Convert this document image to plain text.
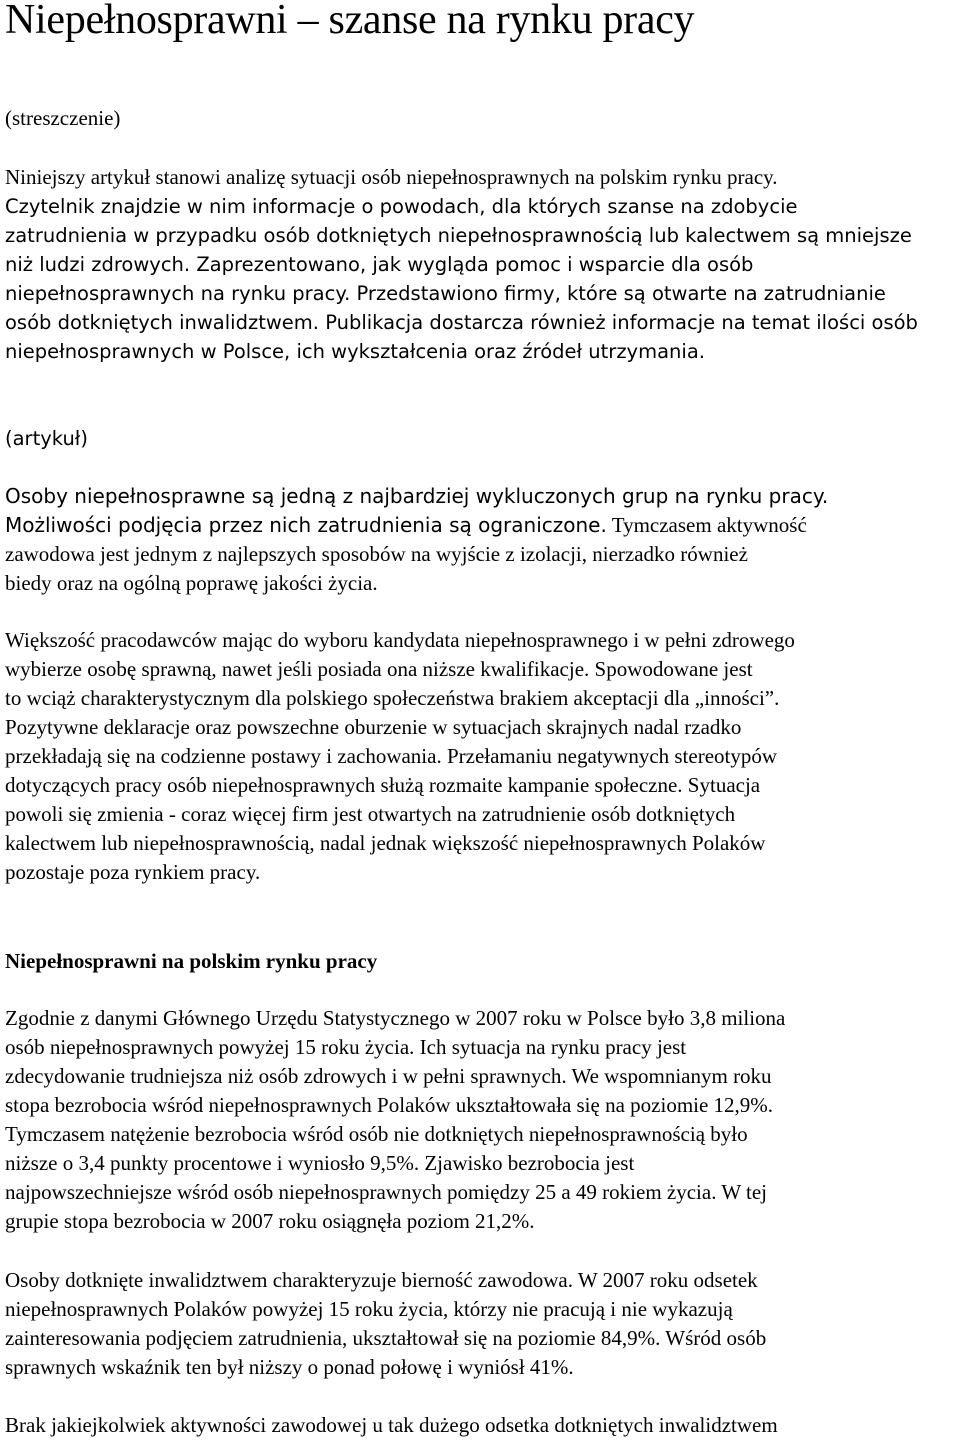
Niepełnosprawni – szanse na rynku pracy
(streszczenie)
Niniejszy artykuł stanowi analizę sytuacji osób niepełnosprawnych na polskim rynku pracy.
Czytelnik znajdzie w nim informacje o powodach, dla których szanse na zdobycie
zatrudnienia w przypadku osób dotkniętych niepełnosprawnością lub kalectwem są mniejsze
niż ludzi zdrowych. Zaprezentowano, jak wygląda pomoc i wsparcie dla osób
niepełnosprawnych na rynku pracy. Przedstawiono firmy, które są otwarte na zatrudnianie
osób dotkniętych inwalidztwem. Publikacja dostarcza również informacje na temat ilości osób
niepełnosprawnych w Polsce, ich wykształcenia oraz źródeł utrzymania.
(artykuł)
Osoby niepełnosprawne są jedną z najbardziej wykluczonych grup na rynku pracy.
Możliwości podjęcia przez nich zatrudnienia są ograniczone. Tymczasem aktywność
zawodowa jest jednym z najlepszych sposobów na wyjście z izolacji, nierzadko również
biedy oraz na ogólną poprawę jakości życia.
Większość pracodawców mając do wyboru kandydata niepełnosprawnego i w pełni zdrowego
wybierze osobę sprawną, nawet jeśli posiada ona niższe kwalifikacje. Spowodowane jest
to wciąż charakterystycznym dla polskiego społeczeństwa brakiem akceptacji dla „inności”.
Pozytywne deklaracje oraz powszechne oburzenie w sytuacjach skrajnych nadal rzadko
przekładają się na codzienne postawy i zachowania. Przełamaniu negatywnych stereotypów
dotyczących pracy osób niepełnosprawnych służą rozmaite kampanie społeczne. Sytuacja
powoli się zmienia - coraz więcej firm jest otwartych na zatrudnienie osób dotkniętych
kalectwem lub niepełnosprawnością, nadal jednak większość niepełnosprawnych Polaków
pozostaje poza rynkiem pracy.
Niepełnosprawni na polskim rynku pracy
Zgodnie z danymi Głównego Urzędu Statystycznego w 2007 roku w Polsce było 3,8 miliona
osób niepełnosprawnych powyżej 15 roku życia. Ich sytuacja na rynku pracy jest
zdecydowanie trudniejsza niż osób zdrowych i w pełni sprawnych. We wspomnianym roku
stopa bezrobocia wśród niepełnosprawnych Polaków ukształtowała się na poziomie 12,9%.
Tymczasem natężenie bezrobocia wśród osób nie dotkniętych niepełnosprawnością było
niższe o 3,4 punkty procentowe i wyniosło 9,5%. Zjawisko bezrobocia jest
najpowszechniejsze wśród osób niepełnosprawnych pomiędzy 25 a 49 rokiem życia. W tej
grupie stopa bezrobocia w 2007 roku osiągnęła poziom 21,2%.
Osoby dotknięte inwalidztwem charakteryzuje bierność zawodowa. W 2007 roku odsetek
niepełnosprawnych Polaków powyżej 15 roku życia, którzy nie pracują i nie wykazują
zainteresowania podjęciem zatrudnienia, ukształtował się na poziomie 84,9%. Wśród osób
sprawnych wskaźnik ten był niższy o ponad połowę i wyniósł 41%.
Brak jakiejkolwiek aktywności zawodowej u tak dużego odsetka dotkniętych inwalidztwem
